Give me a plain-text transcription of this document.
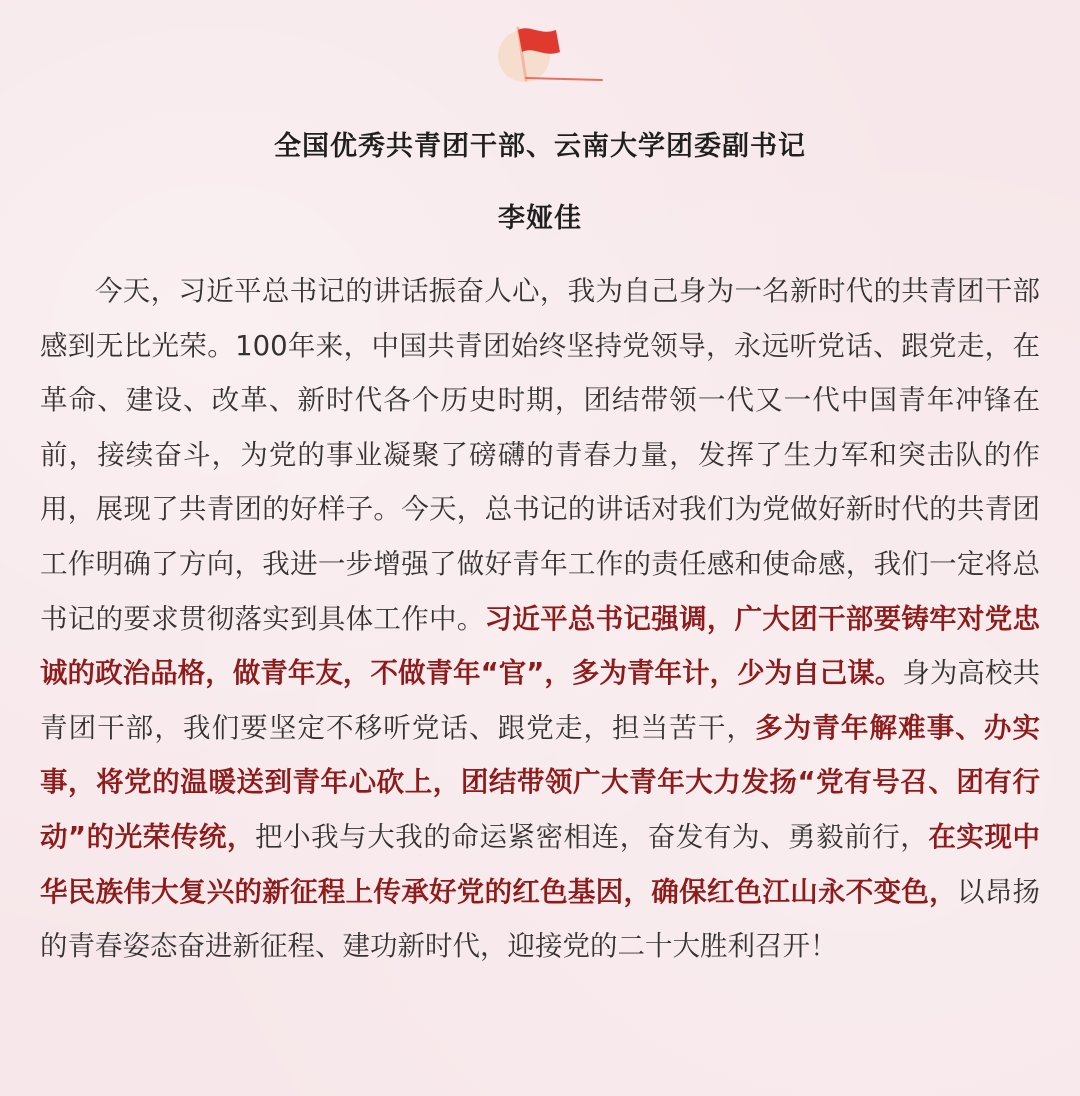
全国优秀共青团干部、云南大学团委副书记
李娅佳

今天，习近平总书记的讲话振奋人心，我为自己身为一名新时代的共青团干部感到无比光荣。100年来，中国共青团始终坚持党领导，永远听党话、跟党走，在革命、建设、改革、新时代各个历史时期，团结带领一代又一代中国青年冲锋在前，接续奋斗，为党的事业凝聚了磅礴的青春力量，发挥了生力军和突击队的作用，展现了共青团的好样子。今天，总书记的讲话对我们为党做好新时代的共青团工作明确了方向，我进一步增强了做好青年工作的责任感和使命感，我们一定将总书记的要求贯彻落实到具体工作中。习近平总书记强调，广大团干部要铸牢对党忠诚的政治品格，做青年友，不做青年“官”，多为青年计，少为自己谋。身为高校共青团干部，我们要坚定不移听党话、跟党走，担当苦干，多为青年解难事、办实事，将党的温暖送到青年心砍上，团结带领广大青年大力发扬“党有号召、团有行动”的光荣传统，把小我与大我的命运紧密相连，奋发有为、勇毅前行，在实现中华民族伟大复兴的新征程上传承好党的红色基因，确保红色江山永不变色，以昂扬的青春姿态奋进新征程、建功新时代，迎接党的二十大胜利召开！
